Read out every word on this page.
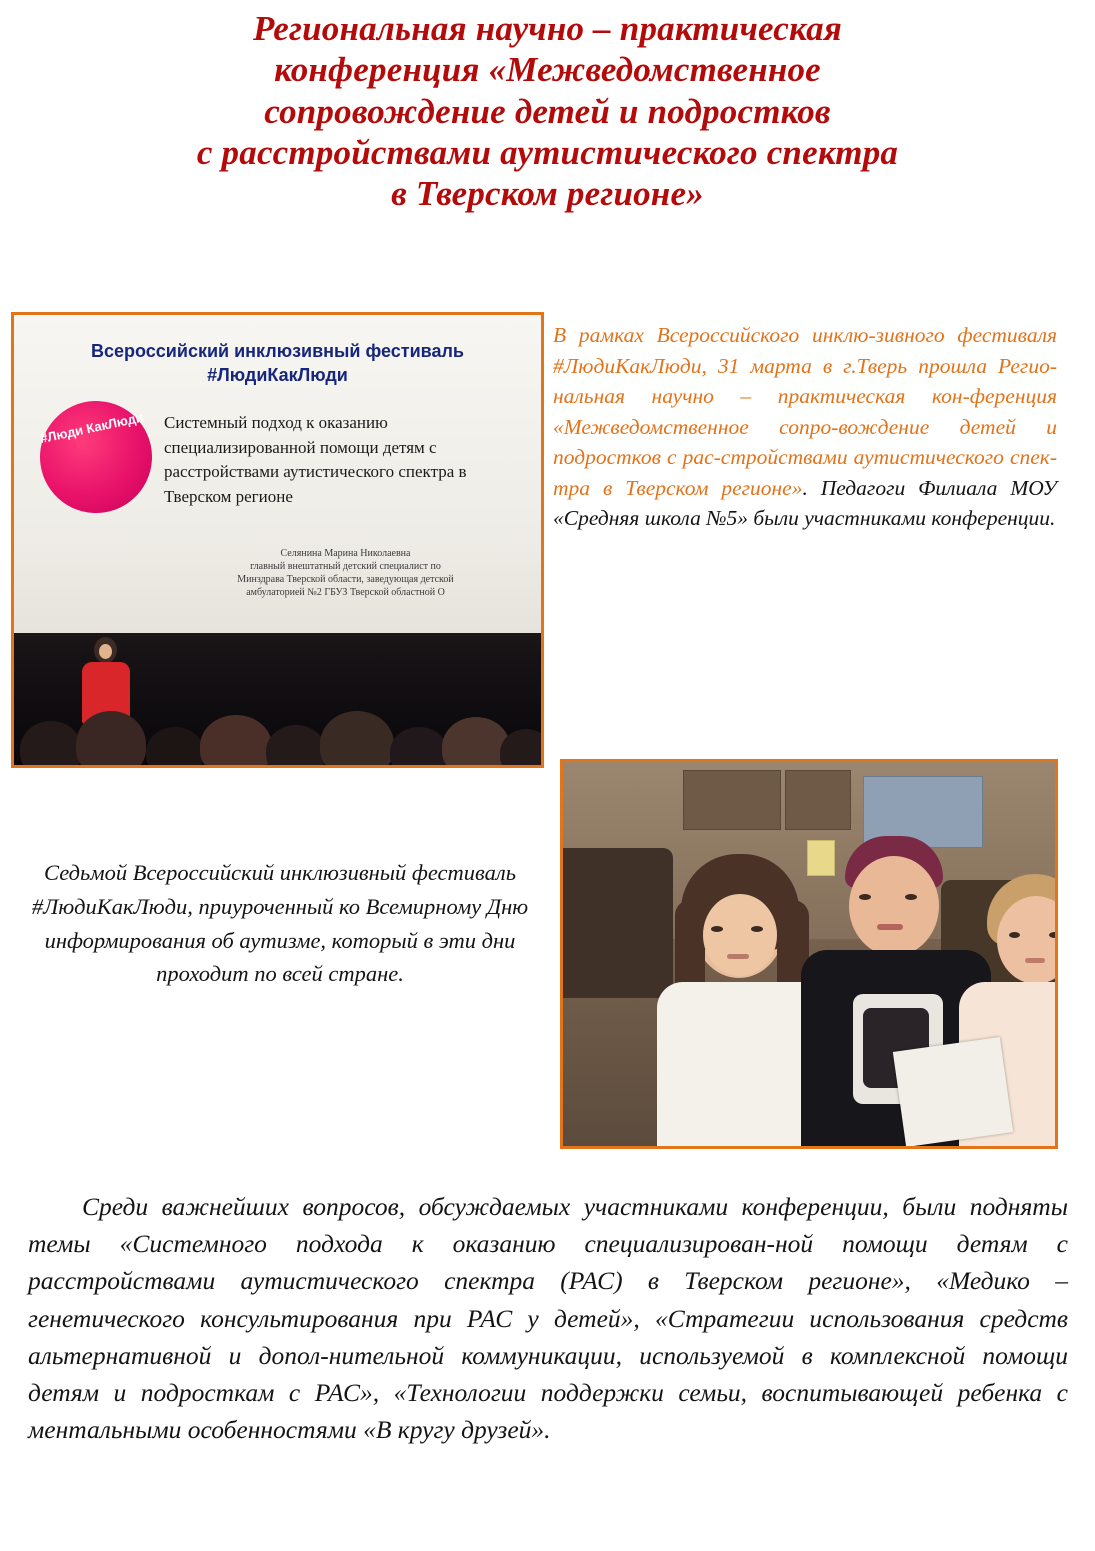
Региональная научно – практическая
конференция «Межведомственное
сопровождение детей и подростков
с расстройствами аутистического спектра
в Тверском регионе»
Всероссийский инклюзивный фестиваль
#ЛюдиКакЛюди
#Люди КакЛюди Системный подход к оказанию специализированной помощи детям с расстройствами аутистического спектра в Тверском регионе
Селянина Марина Николаевна
главный внештатный детский специалист по
Минздрава Тверской области, заведующая детской
амбулаторией №2 ГБУЗ Тверской областной О
В рамках Всероссийского инклю-зивного фестиваля #ЛюдиКакЛюди, 31 марта в г.Тверь прошла Регио-нальная научно – практическая кон-ференция «Межведомственное сопро-вождение детей и подростков с рас-стройствами аутистического спек-тра в Тверском регионе». Педагоги Филиала МОУ «Средняя школа №5» были участниками конференции.
Седьмой Всероссийский инклюзивный фестиваль #ЛюдиКакЛюди, приуроченный ко Всемирному Дню информирования об аутизме, который в эти дни проходит по всей стране.
Среди важнейших вопросов, обсуждаемых участниками конференции, были подняты темы «Системного подхода к оказанию специализирован-ной помощи детям с расстройствами аутистического спектра (РАС) в Тверском регионе», «Медико – генетического консультирования при РАС у детей», «Стратегии использования средств альтернативной и допол-нительной коммуникации, используемой в комплексной помощи детям и подросткам с РАС», «Технологии поддержки семьи, воспитывающей ребенка с ментальными особенностями «В кругу друзей».
